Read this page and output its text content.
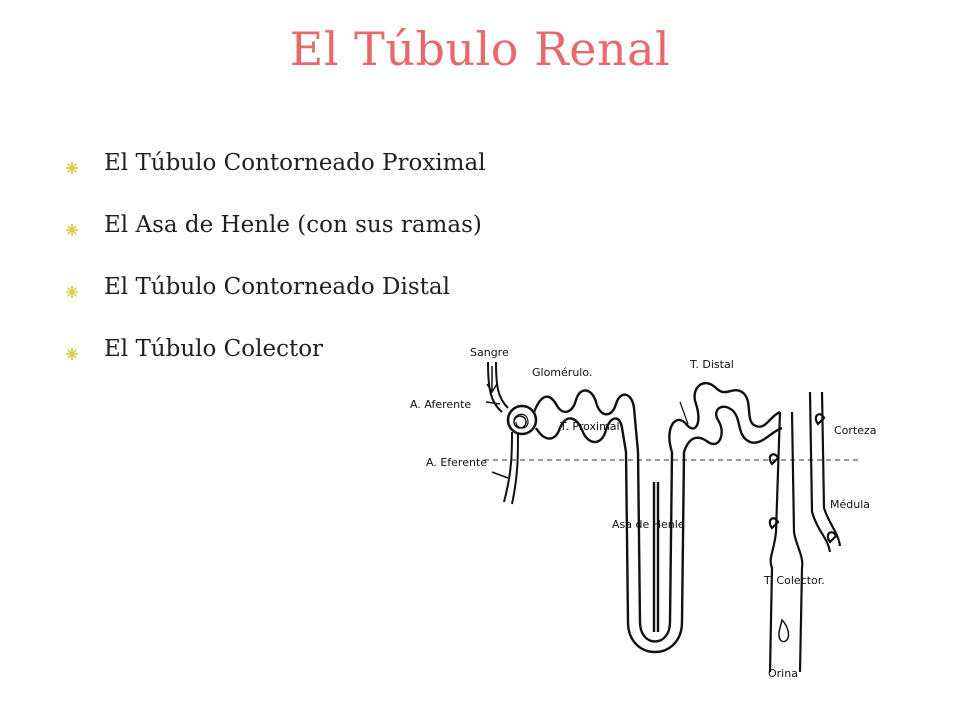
El Túbulo Renal
El Túbulo Contorneado Proximal
El Asa de Henle (con sus ramas)
El Túbulo Contorneado Distal
El Túbulo Colector	Sangre
Glomérulo.
A. Aferente
A. Eferente
T. Proximal
T. Distal
Corteza
Médula
Asa de Henle
T. Colector.
Orina
